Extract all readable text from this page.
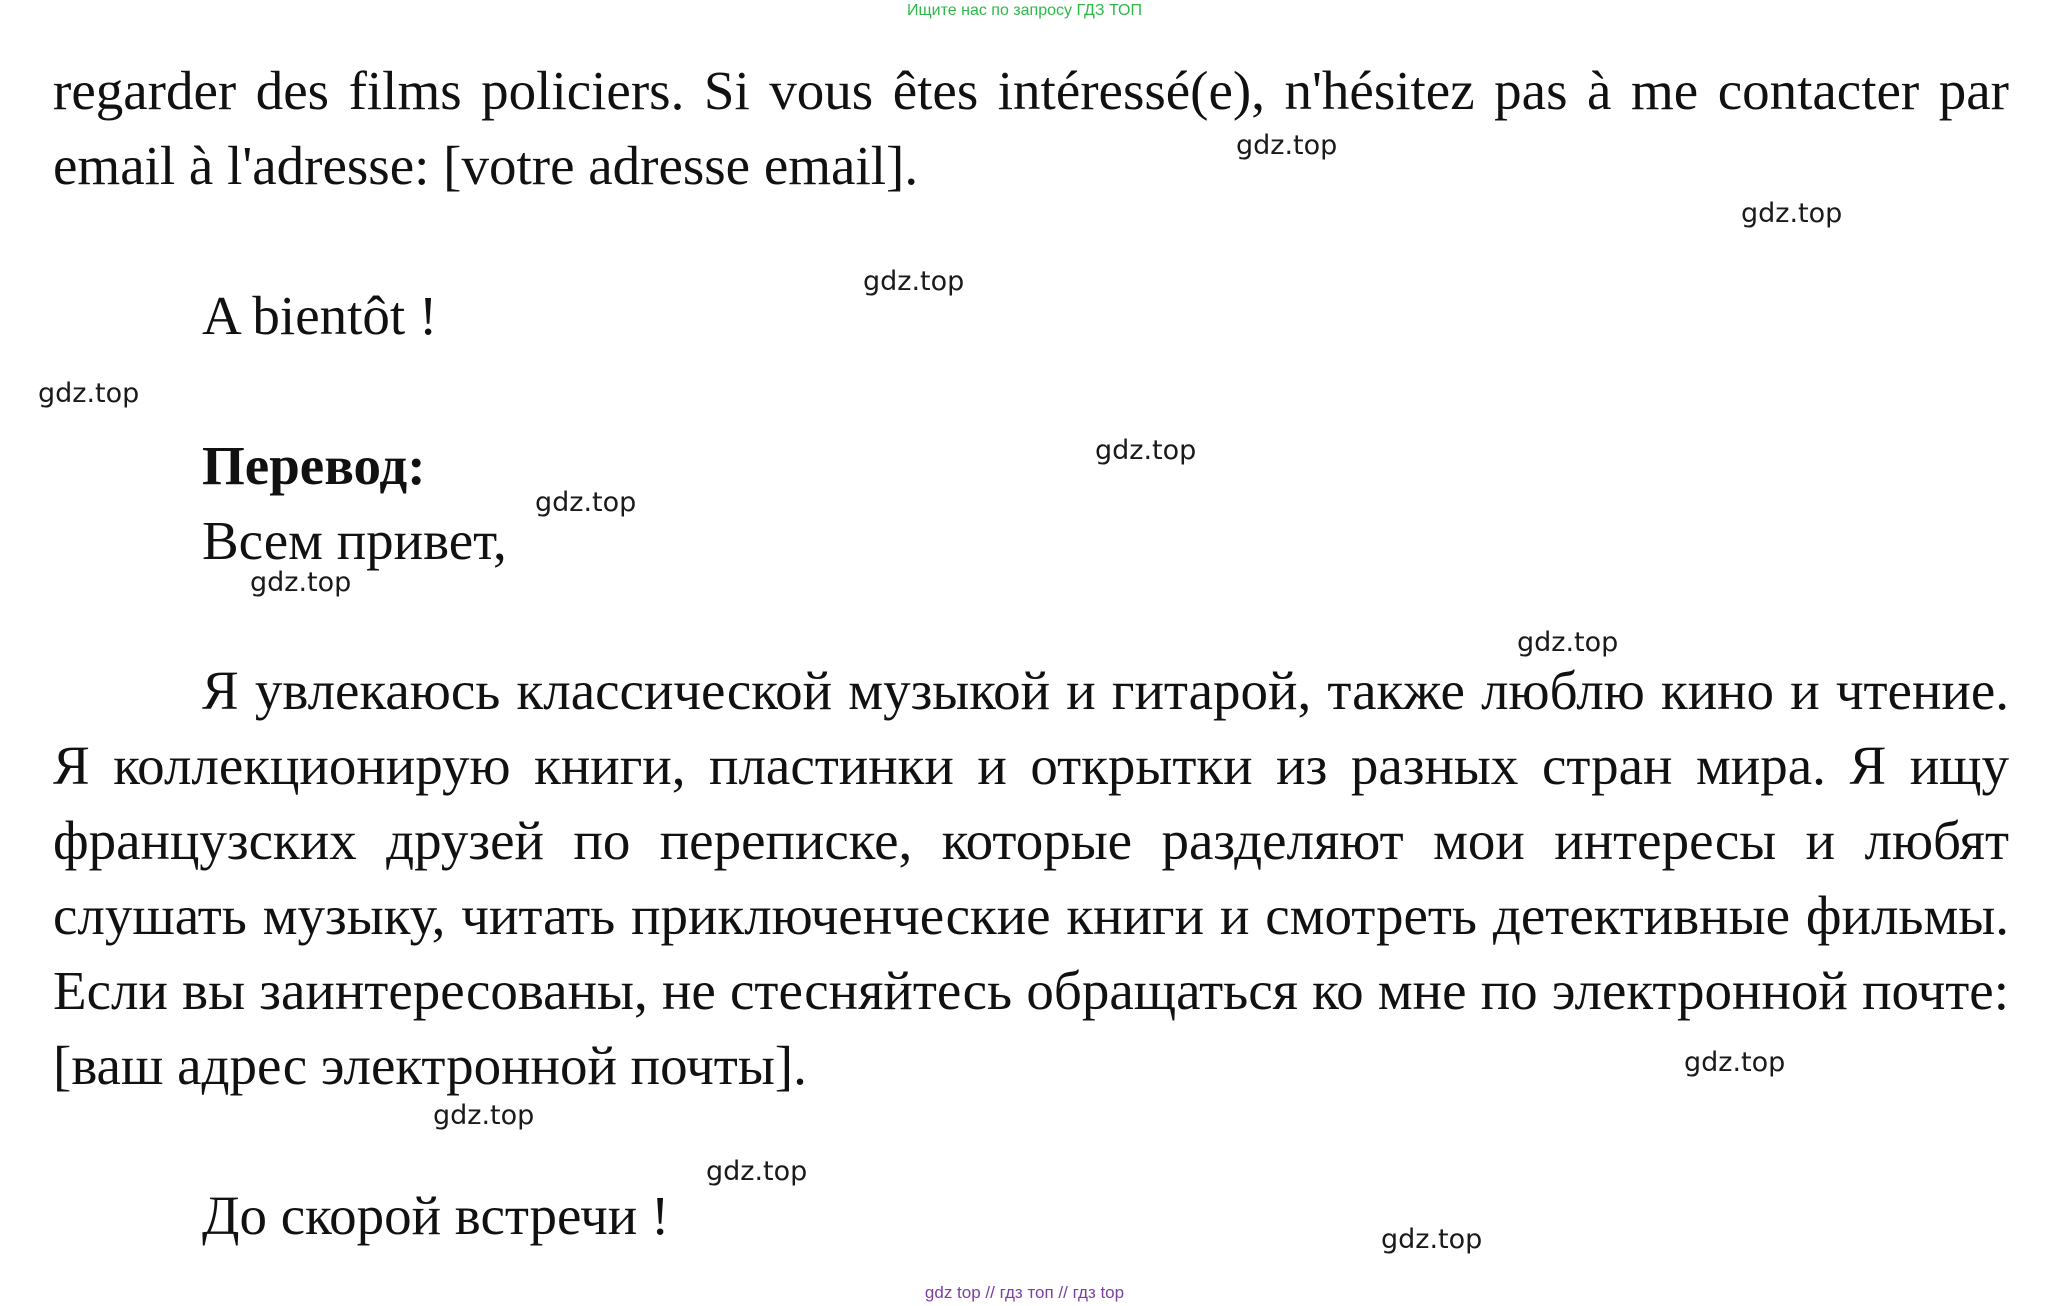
Ищите нас по запросу ГДЗ ТОП

regarder des films policiers. Si vous êtes intéressé(e), n'hésitez pas à me contacter par email à l'adresse: [votre adresse email].

A bientôt !

Перевод:

Всем привет,

Я увлекаюсь классической музыкой и гитарой, также люблю кино и чтение. Я коллекционирую книги, пластинки и открытки из разных стран мира. Я ищу французских друзей по переписке, которые разделяют мои интересы и любят слушать музыку, читать приключенческие книги и смотреть детективные фильмы. Если вы заинтересованы, не стесняйтесь обращаться ко мне по электронной почте: [ваш адрес электронной почты].

До скорой встречи !

gdz.top
gdz.top
gdz.top
gdz.top
gdz.top
gdz.top
gdz.top
gdz.top
gdz.top
gdz.top
gdz.top
gdz.top
gdz top // гдз топ // гдз top
